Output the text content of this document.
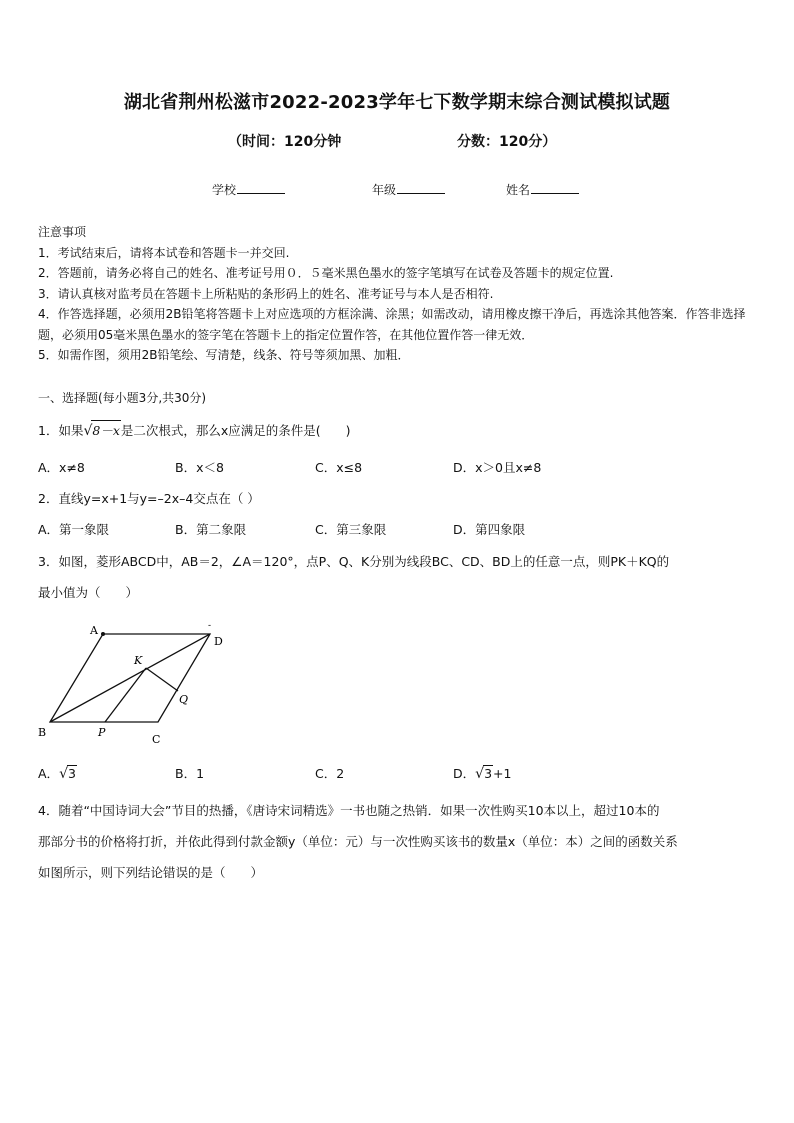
湖北省荆州松滋市2022-2023学年七下数学期末综合测试模拟试题
（时间：120分钟	分数：120分）
学校	年级	姓名

注意事项

1．考试结束后，请将本试卷和答题卡一并交回.

2．答题前，请务必将自己的姓名、准考证号用０．５毫米黑色墨水的签字笔填写在试卷及答题卡的规定位置.

3．请认真核对监考员在答题卡上所粘贴的条形码上的姓名、准考证号与本人是否相符.

4．作答选择题，必须用2B铅笔将答题卡上对应选项的方框涂满、涂黑；如需改动，请用橡皮擦干净后，再选涂其他答案．作答非选择题，必须用05毫米黑色墨水的签字笔在答题卡上的指定位置作答，在其他位置作答一律无效．

5．如需作图，须用2B铅笔绘、写清楚，线条、符号等须加黑、加粗．

一、选择题(每小题3分,共30分)
1．如果√8－x是二次根式，那么x应满足的条件是(　　)
A．x≠8	B．x＜8	C．x≤8	D．x＞0且x≠8
2．直线y=x+1与y=–2x–4交点在（ ）
A．第一象限	B．第二象限	C．第三象限	D．第四象限
3．如图，菱形ABCD中，AB＝2，∠A＝120°，点P、Q、K分别为线段BC、CD、BD上的任意一点，则PK＋KQ的
最小值为（　　）
A
D
-
K
Q
B	P
C
A．√3	B．1	C．2	D．√3+1
4．随着“中国诗词大会”节目的热播，《唐诗宋词精选》一书也随之热销．如果一次性购买10本以上，超过10本的
那部分书的价格将打折，并依此得到付款金额y（单位：元）与一次性购买该书的数量x（单位：本）之间的函数关系
如图所示，则下列结论错误的是（　　）
